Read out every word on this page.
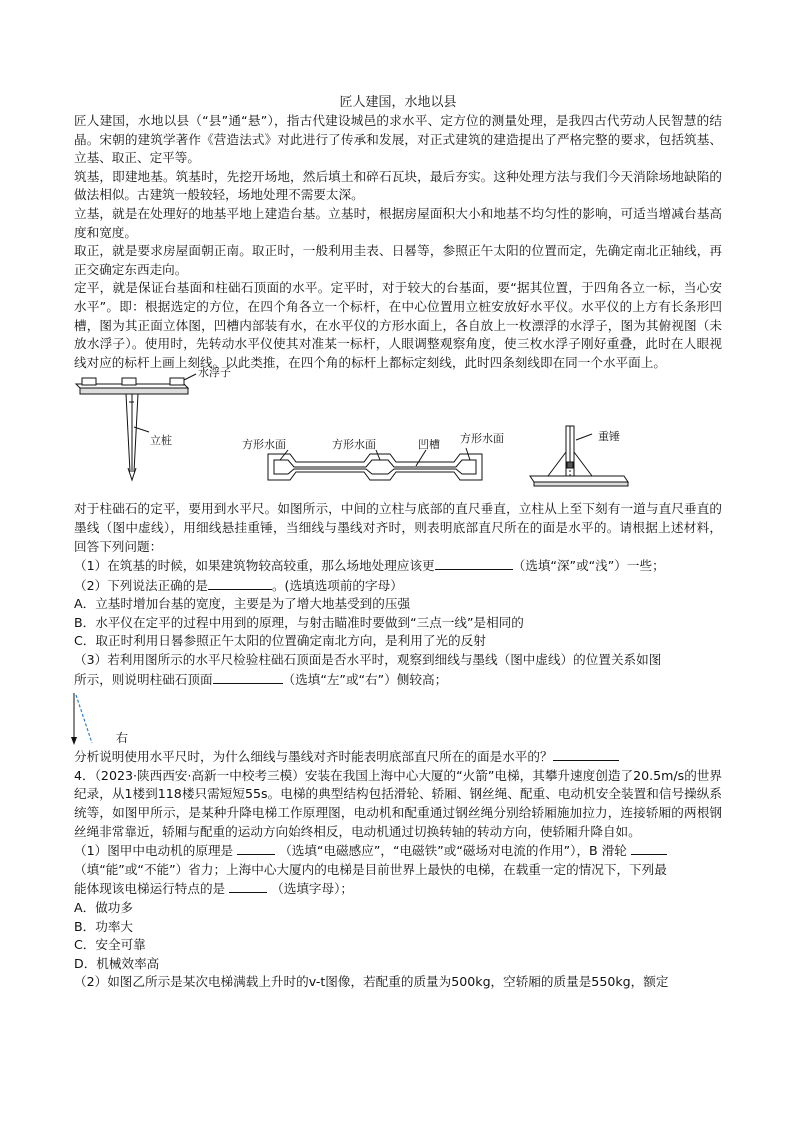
匠人建国，水地以县

匠人建国，水地以县（“县”通“悬”），指古代建设城邑的求水平、定方位的测量处理，是我四古代劳动人民智慧的结晶。宋朝的建筑学著作《营造法式》对此进行了传承和发展，对正式建筑的建造提出了严格完整的要求，包括筑基、立基、取正、定平等。

筑基，即建地基。筑基时，先挖开场地，然后填土和碎石瓦块，最后夯实。这种处理方法与我们今天消除场地缺陷的做法相似。古建筑一般较轻，场地处理不需要太深。

立基，就是在处理好的地基平地上建造台基。立基时，根据房屋面积大小和地基不均匀性的影响，可适当增减台基高度和宽度。

取正，就是要求房屋面朝正南。取正时，一般利用圭表、日晷等，参照正午太阳的位置而定，先确定南北正轴线，再正交确定东西走向。

定平，就是保证台基面和柱础石顶面的水平。定平时，对于较大的台基面，要“据其位置，于四角各立一标，当心安水平”。即：根据选定的方位，在四个角各立一个标杆，在中心位置用立桩安放好水平仪。水平仪的上方有长条形凹槽，图为其正面立体图，凹槽内部装有水，在水平仪的方形水面上，各自放上一枚漂浮的水浮子，图为其俯视图（未放水浮子）。使用时，先转动水平仪使其对准某一标杆，人眼调整观察角度，使三枚水浮子刚好重叠，此时在人眼视线对应的标杆上画上刻线。以此类推，在四个角的标杆上都标定刻线，此时四条刻线即在同一个水平面上。

水浮子
立桩	方形水面	方形水面	凹槽 方形水面	重锤

对于柱础石的定平，要用到水平尺。如图所示，中间的立柱与底部的直尺垂直，立柱从上至下刻有一道与直尺垂直的墨线（图中虚线），用细线悬挂重锤，当细线与墨线对齐时，则表明底部直尺所在的面是水平的。请根据上述材料，回答下列问题：

（1）在筑基的时候，如果建筑物较高较重，那么场地处理应该更	（选填“深”或“浅”）一些；

（2）下列说法正确的是	。(选填选项前的字母）

A．立基时增加台基的宽度，主要是为了增大地基受到的压强

B．水平仪在定平的过程中用到的原理，与射击瞄准时要做到“三点一线”是相同的

C．取正时利用日晷参照正午太阳的位置确定南北方向，是利用了光的反射

（3）若利用图所示的水平尺检验柱础石顶面是否水平时，观察到细线与墨线（图中虚线）的位置关系如图

所示，则说明柱础石顶面	（选填“左”或“右”）侧较高；

右

分析说明使用水平尺时，为什么细线与墨线对齐时能表明底部直尺所在的面是水平的？

4．（2023·陕西西安·高新一中校考三模）安装在我国上海中心大厦的“火箭”电梯，其攀升速度创造了20.5m/s的世界纪录，从1楼到118楼只需短短55s。电梯的典型结构包括滑轮、轿厢、钢丝绳、配重、电动机安全装置和信号操纵系统等，如图甲所示，是某种升降电梯工作原理图，电动机和配重通过钢丝绳分别给轿厢施加拉力，连接轿厢的两根钢丝绳非常靠近，轿厢与配重的运动方向始终相反，电动机通过切换转轴的转动方向，使轿厢升降自如。

（1）图甲中电动机的原理是	（选填“电磁感应”，“电磁铁”或“磁场对电流的作用”），B 滑轮

（填“能”或“不能”）省力；上海中心大厦内的电梯是目前世界上最快的电梯，在载重一定的情况下，下列最

能体现该电梯运行特点的是	（选填字母）；

A．做功多

B．功率大

C．安全可靠

D．机械效率高

（2）如图乙所示是某次电梯满载上升时的v-t图像，若配重的质量为500kg，空轿厢的质量是550kg，额定
